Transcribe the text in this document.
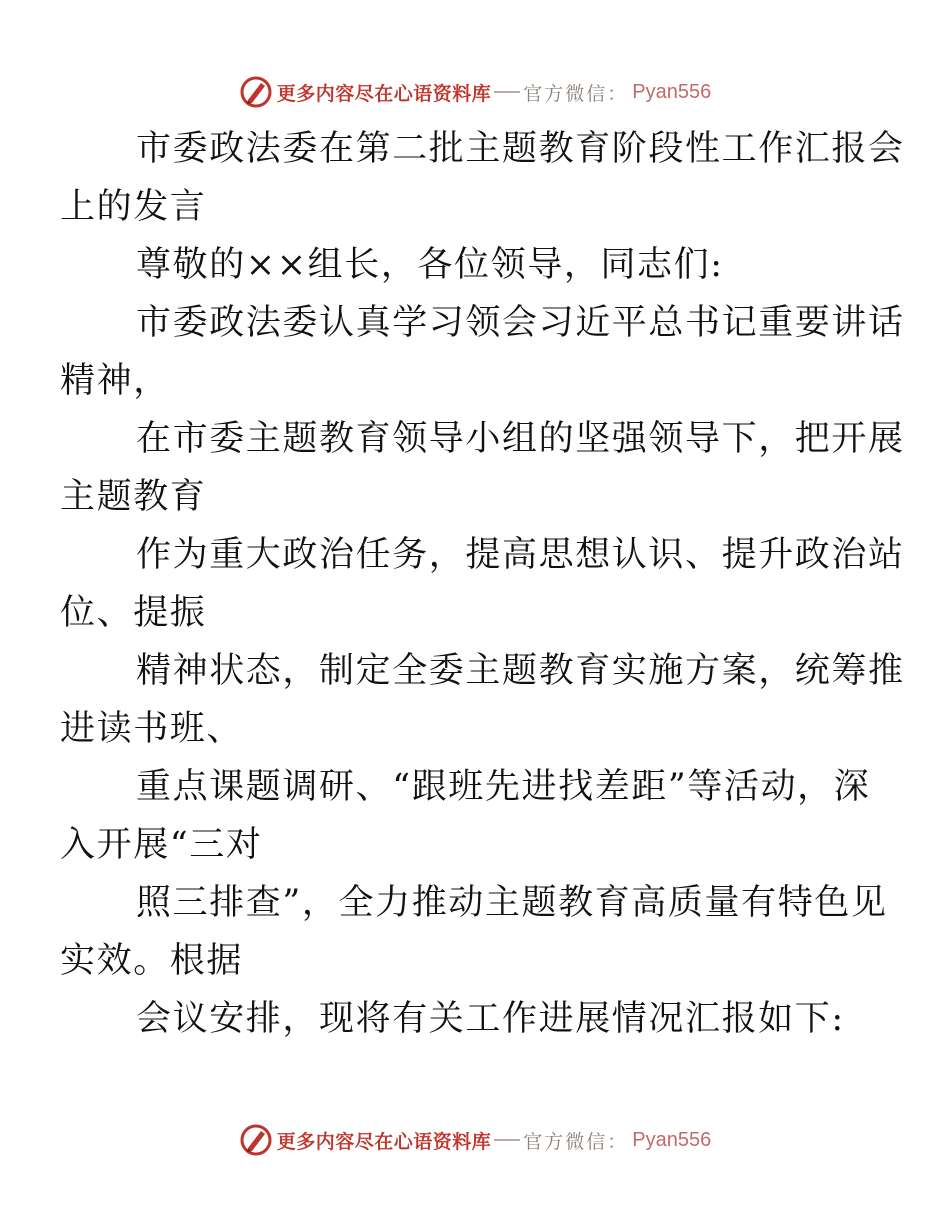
更多内容尽在心语资料库 官方微信： Pyan556

市委政法委在第二批主题教育阶段性工作汇报会
上的发言

尊敬的××组长，各位领导，同志们:

市委政法委认真学习领会习近平总书记重要讲话
精神，

在市委主题教育领导小组的坚强领导下，把开展
主题教育

作为重大政治任务，提高思想认识、提升政治站
位、提振

精神状态，制定全委主题教育实施方案，统筹推
进读书班、

重点课题调研、“跟班先进找差距”等活动，深
入开展“三对

照三排查”，全力推动主题教育高质量有特色见
实效。根据

会议安排，现将有关工作进展情况汇报如下:

更多内容尽在心语资料库 官方微信： Pyan556
